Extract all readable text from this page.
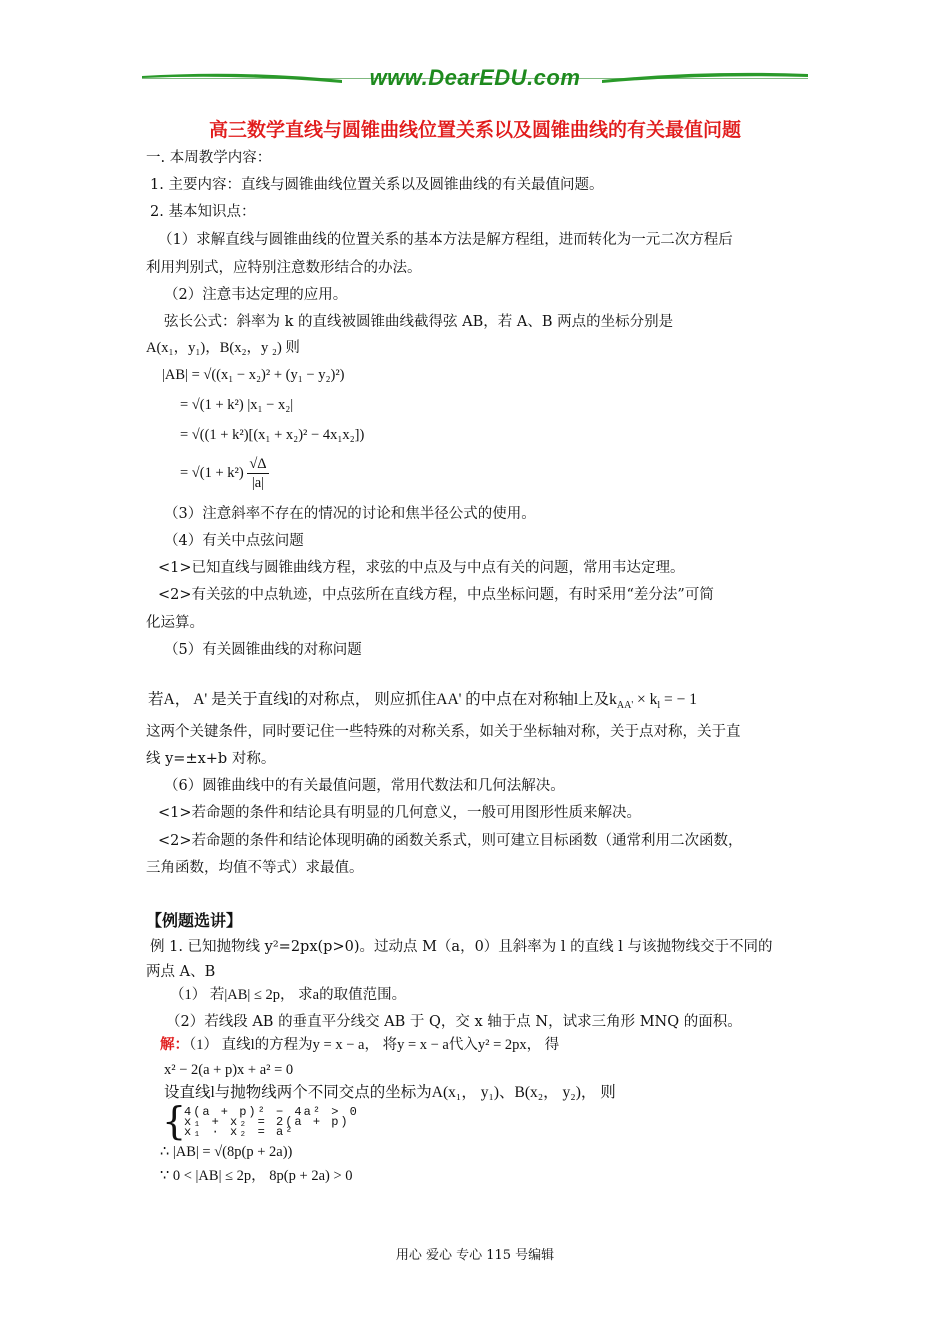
www.DearEDU.com
高三数学直线与圆锥曲线位置关系以及圆锥曲线的有关最值问题
一. 本周教学内容：
1. 主要内容：直线与圆锥曲线位置关系以及圆锥曲线的有关最值问题。
2. 基本知识点：
（1）求解直线与圆锥曲线的位置关系的基本方法是解方程组，进而转化为一元二次方程后
利用判别式，应特别注意数形结合的办法。
（2）注意韦达定理的应用。
弦长公式：斜率为 k 的直线被圆锥曲线截得弦 AB，若 A、B 两点的坐标分别是
A(x₁，y₁)，B(x₂，y ₂) 则
|AB| = √((x₁ − x₂)² + (y₁ − y₂)²)
= √(1 + k²) |x₁ − x₂|
= √((1 + k²)[(x₁ + x₂)² − 4x₁x₂])
= $√(1 + k^2) \frac{√\Delta}{|a|}$
（3）注意斜率不存在的情况的讨论和焦半径公式的使用。
（4）有关中点弦问题
<1>已知直线与圆锥曲线方程，求弦的中点及与中点有关的问题，常用韦达定理。
<2>有关弦的中点轨迹，中点弦所在直线方程，中点坐标问题，有时采用“差分法”可简
化运算。
（5）有关圆锥曲线的对称问题
若A， A' 是关于直线l的对称点， 则应抓住AA' 的中点在对称轴l上及$k_{AA'} \times k_l$ = − 1
这两个关键条件，同时要记住一些特殊的对称关系，如关于坐标轴对称，关于点对称，关于直
线 y=±x+b 对称。
（6）圆锥曲线中的有关最值问题，常用代数法和几何法解决。
<1>若命题的条件和结论具有明显的几何意义，一般可用图形性质来解决。
<2>若命题的条件和结论体现明确的函数关系式，则可建立目标函数（通常利用二次函数，
三角函数，均值不等式）求最值。
【例题选讲】
例 1. 已知抛物线 y²=2px(p>0)。过动点 M（a，0）且斜率为 l 的直线 l 与该抛物线交于不同的
两点 A、B
（1） 若|AB| ≤ 2p， 求a的取值范围。
（2）若线段 AB 的垂直平分线交 AB 于 Q，交 x 轴于点 N，试求三角形 MNQ 的面积。
解：（1） 直线l的方程为y = x − a， 将y = x − a代入y² = 2px， 得
x² − 2(a + p)x + a² = 0
设直线l与抛物线两个不同交点的坐标为A(x₁， y₁)、B(x₂， y₂)， 则
{
4(a + p)² − 4a² > 0
x₁ + x₂ = 2(a + p)
x₁ · x₂ = a²
∴ |AB| = √(8p(p + 2a))
∵ 0 < |AB| ≤ 2p， 8p(p + 2a) > 0
用心 爱心 专心 115 号编辑
